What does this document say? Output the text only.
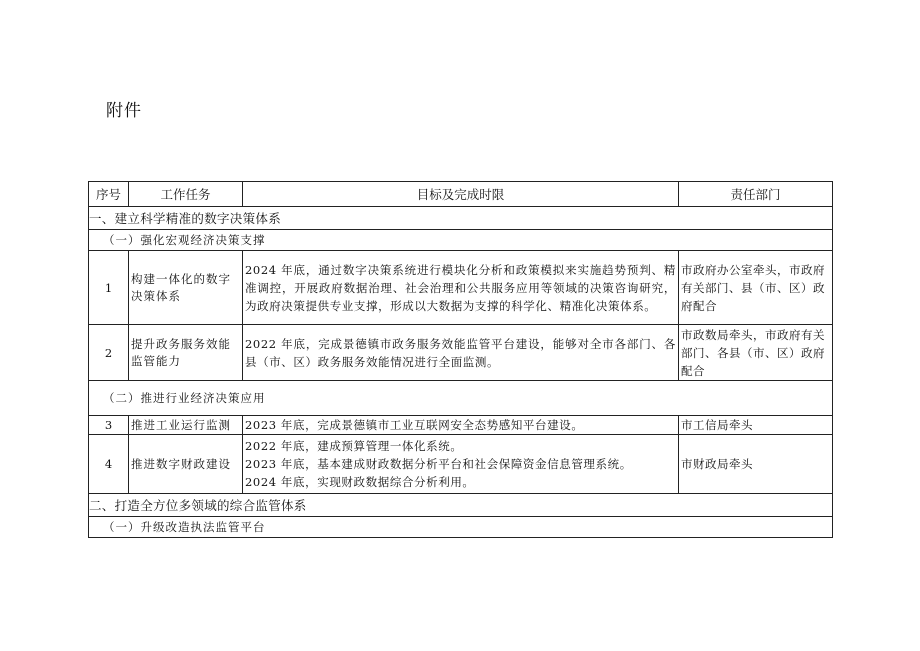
附件
序号	工作任务	目标及完成时限	责任部门
一、建立科学精准的数字决策体系			
（一）强化宏观经济决策支撑			
1	构建一体化的数字决策体系	2024 年底，通过数字决策系统进行模块化分析和政策模拟来实施趋势预判、精准调控，开展政府数据治理、社会治理和公共服务应用等领域的决策咨询研究，为政府决策提供专业支撑，形成以大数据为支撑的科学化、精准化决策体系。	市政府办公室牵头，市政府有关部门、县（市、区）政府配合
2	提升政务服务效能监管能力	2022 年底，完成景德镇市政务服务效能监管平台建设，能够对全市各部门、各县（市、区）政务服务效能情况进行全面监测。	市政数局牵头，市政府有关部门、各县（市、区）政府配合
（二）推进行业经济决策应用			
3	推进工业运行监测	2023 年底，完成景德镇市工业互联网安全态势感知平台建设。	市工信局牵头
4	推进数字财政建设	2022 年底，建成预算管理一体化系统。
2023 年底，基本建成财政数据分析平台和社会保障资金信息管理系统。
2024 年底，实现财政数据综合分析利用。	市财政局牵头
二、打造全方位多领域的综合监管体系			
（一）升级改造执法监管平台			
